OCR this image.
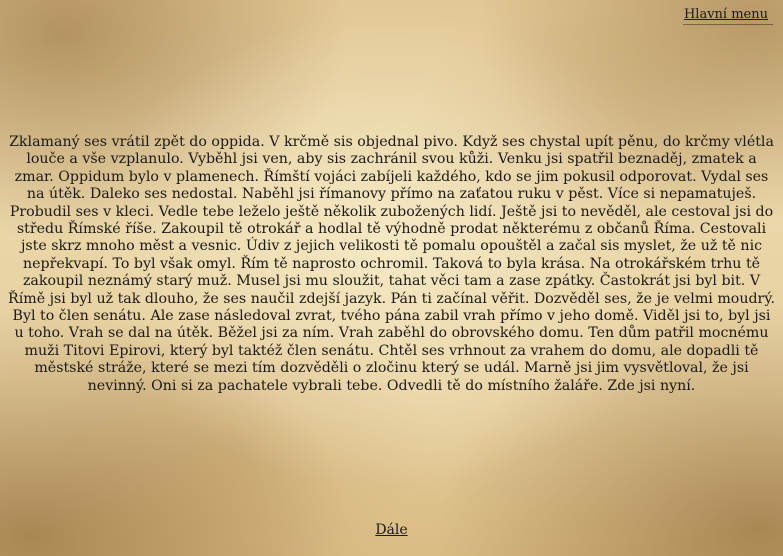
Hlavní menu

Zklamaný ses vrátil zpět do oppida. V krčmě sis objednal pivo. Když ses chystal upít pěnu, do krčmy vlétla louče a vše vzplanulo. Vyběhl jsi ven, aby sis zachránil svou kůži. Venku jsi spatřil beznaděj, zmatek a zmar. Oppidum bylo v plamenech. Římští vojáci zabíjeli každého, kdo se jim pokusil odporovat. Vydal ses na útěk. Daleko ses nedostal. Naběhl jsi římanovy přímo na zaťatou ruku v pěst. Více si nepamatuješ. Probudil ses v kleci. Vedle tebe leželo ještě několik zubožených lidí. Ještě jsi to nevěděl, ale cestoval jsi do středu Římské říše. Zakoupil tě otrokář a hodlal tě výhodně prodat některému z občanů Říma. Cestovali jste skrz mnoho měst a vesnic. Údiv z jejich velikosti tě pomalu opouštěl a začal sis myslet, že už tě nic nepřekvapí. To byl však omyl. Řím tě naprosto ochromil. Taková to byla krása. Na otrokářském trhu tě zakoupil neznámý starý muž. Musel jsi mu sloužit, tahat věci tam a zase zpátky. Častokrát jsi byl bit. V Římě jsi byl už tak dlouho, že ses naučil zdejší jazyk. Pán ti začínal věřit. Dozvěděl ses, že je velmi moudrý. Byl to člen senátu. Ale zase následoval zvrat, tvého pána zabil vrah přímo v jeho domě. Viděl jsi to, byl jsi u toho. Vrah se dal na útěk. Běžel jsi za ním. Vrah zaběhl do obrovského domu. Ten dům patřil mocnému muži Titovi Epirovi, který byl taktéž člen senátu. Chtěl ses vrhnout za vrahem do domu, ale dopadli tě městské stráže, které se mezi tím dozvěděli o zločinu který se udál. Marně jsi jim vysvětloval, že jsi nevinný. Oni si za pachatele vybrali tebe. Odvedli tě do místního žaláře. Zde jsi nyní.

Dále
